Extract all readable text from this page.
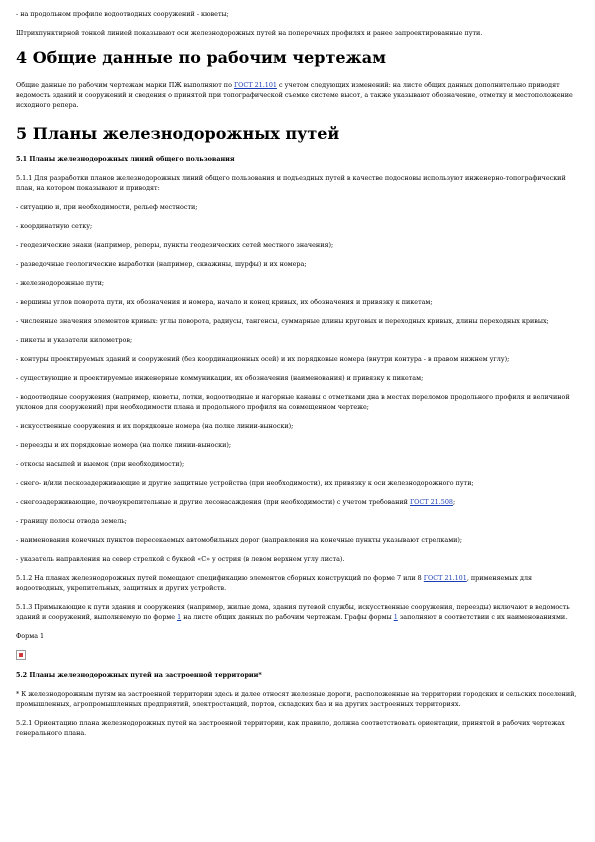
- на продольном профиле водоотводных сооружений - кюветы;

Штрихпунктирной тонкой линией показывают оси железнодорожных путей на поперечных профилях и ранее запроектированные пути.

4 Общие данные по рабочим чертежам

Общие данные по рабочим чертежам марки ПЖ выполняют по ГОСТ 21.101 с учетом следующих изменений: на листе общих данных дополнительно приводят ведомость зданий и сооружений и сведения о принятой при топографической съемке системе высот, а также указывают обозначение, отметку и местоположение исходного репера.

5 Планы железнодорожных путей

5.1 Планы железнодорожных линий общего пользования

5.1.1 Для разработки планов железнодорожных линий общего пользования и подъездных путей в качестве подосновы используют инженерно-топографический план, на котором показывают и приводят:

- ситуацию и, при необходимости, рельеф местности;

- координатную сетку;

- геодезические знаки (например, реперы, пункты геодезических сетей местного значения);

- разведочные геологические выработки (например, скважины, шурфы) и их номера;

- железнодорожные пути;

- вершины углов поворота пути, их обозначения и номера, начало и конец кривых, их обозначения и привязку к пикетам;

- численные значения элементов кривых: углы поворота, радиусы, тангенсы, суммарные длины круговых и переходных кривых, длины переходных кривых;

- пикеты и указатели километров;

- контуры проектируемых зданий и сооружений (без координационных осей) и их порядковые номера (внутри контура - в правом нижнем углу);

- существующие и проектируемые инженерные коммуникации, их обозначения (наименования) и привязку к пикетам;

- водоотводные сооружения (например, кюветы, лотки, водоотводные и нагорные канавы с отметками дна в местах переломов продольного профиля и величиной уклонов для сооружений) при необходимости плана и продольного профиля на совмещенном чертеже;

- искусственные сооружения и их порядковые номера (на полке линии-выноски);

- переезды и их порядковые номера (на полке линии-выноски);

- откосы насыпей и выемок (при необходимости);

- снего- и/или пескозадерживающие и другие защитные устройства (при необходимости), их привязку к оси железнодорожного пути;

- снегозадерживающие, почвоукрепительные и другие лесонасаждения (при необходимости) с учетом требований ГОСТ 21.508;

- границу полосы отвода земель;

- наименования конечных пунктов пересекаемых автомобильных дорог (направления на конечные пункты указывают стрелками);

- указатель направления на север стрелкой с буквой «С» у острия (в левом верхнем углу листа).

5.1.2 На планах железнодорожных путей помещают спецификацию элементов сборных конструкций по форме 7 или 8 ГОСТ 21.101, применяемых для водоотводных, укрепительных, защитных и других устройств.

5.1.3 Примыкающие к пути здания и сооружения (например, жилые дома, здания путевой службы, искусственные сооружения, переезды) включают в ведомость зданий и сооружений, выполняемую по форме 1 на листе общих данных по рабочим чертежам. Графы формы 1 заполняют в соответствии с их наименованиями.

Форма 1

5.2 Планы железнодорожных путей на застроенной территории*

* К железнодорожным путям на застроенной территории здесь и далее относят железные дороги, расположенные на территории городских и сельских поселений, промышленных, агропромышленных предприятий, электростанций, портов, складских баз и на других застроенных территориях.

5.2.1 Ориентацию плана железнодорожных путей на застроенной территории, как правило, должна соответствовать ориентации, принятой в рабочих чертежах генерального плана.
